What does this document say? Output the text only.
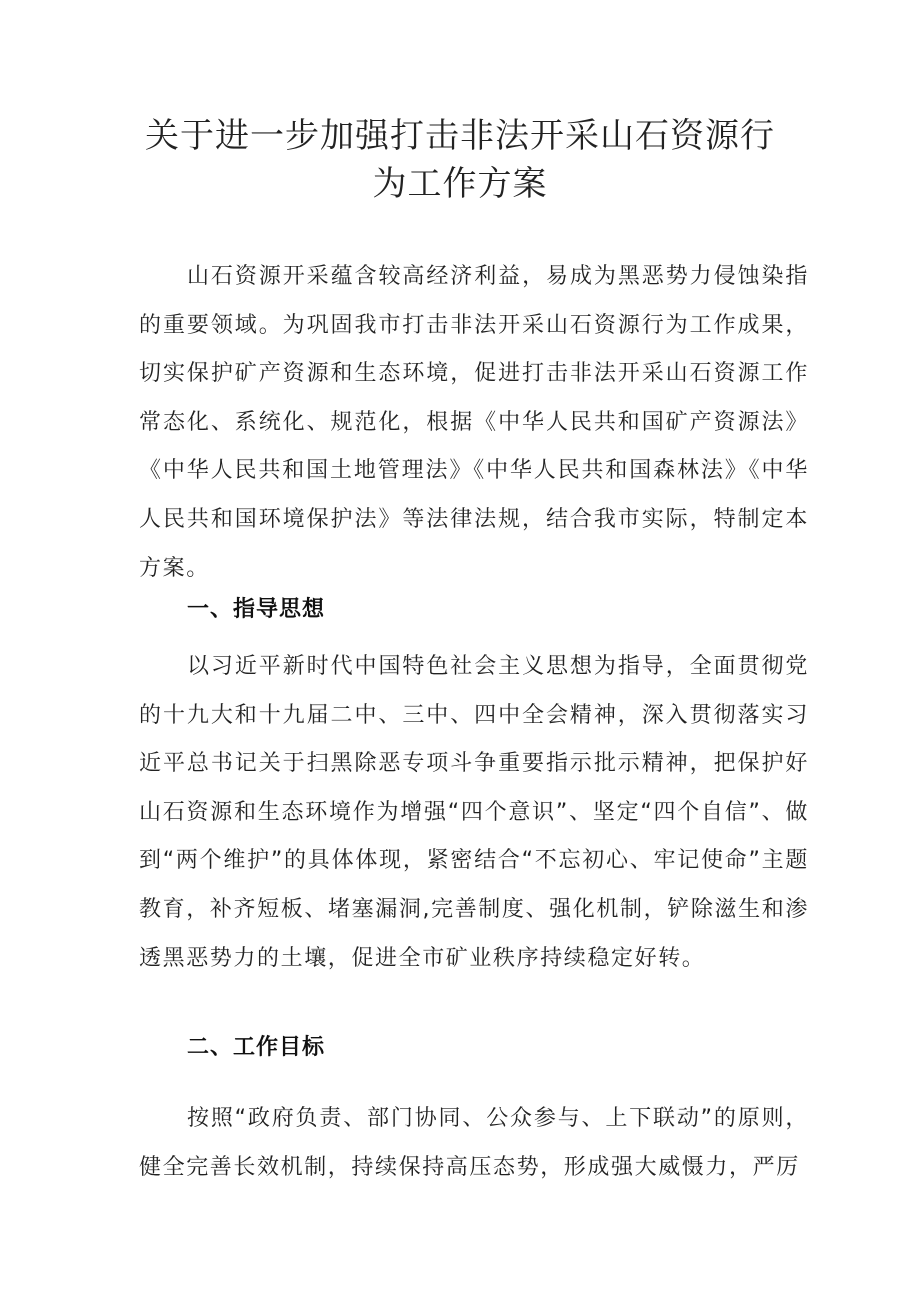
关于进一步加强打击非法开采山石资源行
为工作方案

山石资源开采蕴含较高经济利益，易成为黑恶势力侵蚀染指的重要领域。为巩固我市打击非法开采山石资源行为工作成果，切实保护矿产资源和生态环境，促进打击非法开采山石资源工作常态化、系统化、规范化，根据《中华人民共和国矿产资源法》《中华人民共和国土地管理法》《中华人民共和国森林法》《中华人民共和国环境保护法》等法律法规，结合我市实际，特制定本方案。

一、指导思想

以习近平新时代中国特色社会主义思想为指导，全面贯彻党的十九大和十九届二中、三中、四中全会精神，深入贯彻落实习近平总书记关于扫黑除恶专项斗争重要指示批示精神，把保护好山石资源和生态环境作为增强“四个意识”、坚定“四个自信”、做到“两个维护”的具体体现，紧密结合“不忘初心、牢记使命”主题教育，补齐短板、堵塞漏洞,完善制度、强化机制，铲除滋生和渗透黑恶势力的土壤，促进全市矿业秩序持续稳定好转。

二、工作目标

按照“政府负责、部门协同、公众参与、上下联动”的原则，健全完善长效机制，持续保持高压态势，形成强大威慑力，严厉
